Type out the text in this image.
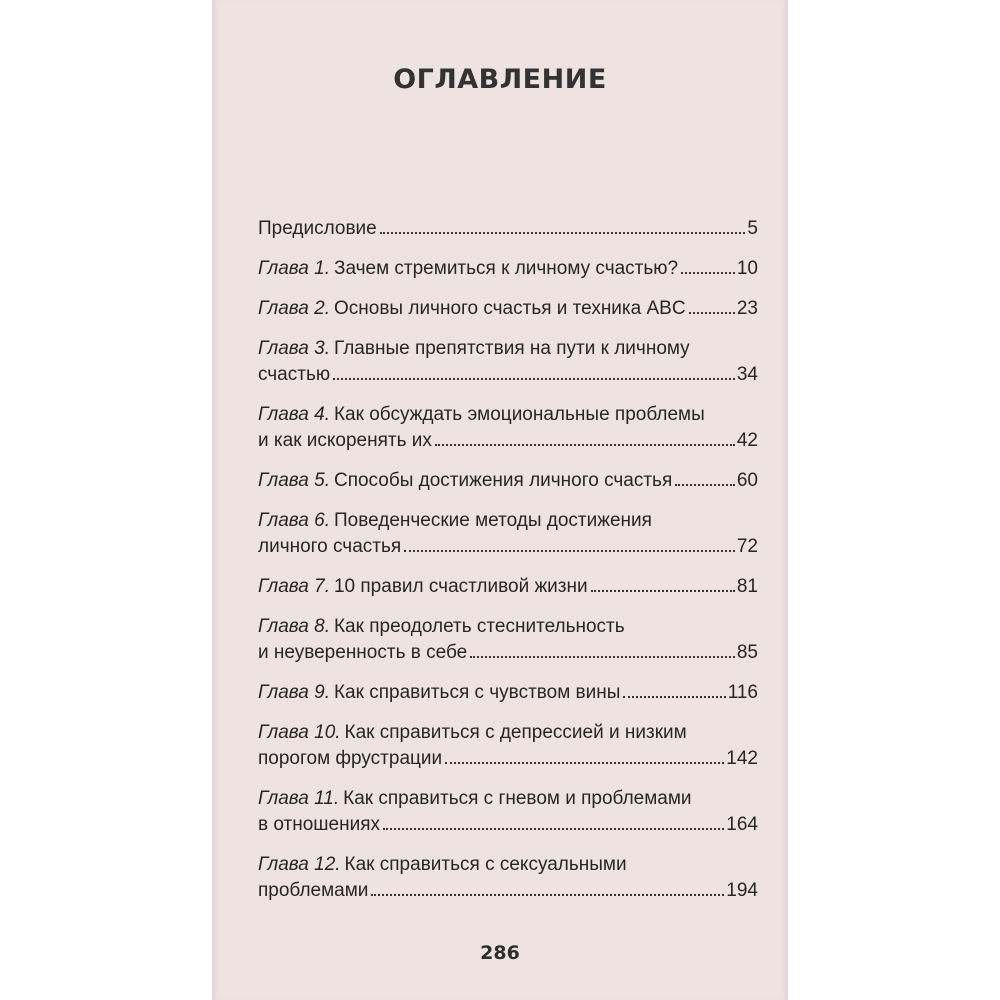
ОГЛАВЛЕНИЕ
Предисловие	5
Глава 1. Зачем стремиться к личному счастью?	10
Глава 2. Основы личного счастья и техника ABC	23
Глава 3. Главные препятствия на пути к личному
счастью	34
Глава 4. Как обсуждать эмоциональные проблемы
и как искоренять их	42
Глава 5. Способы достижения личного счастья	60
Глава 6. Поведенческие методы достижения
личного счастья	72
Глава 7. 10 правил счастливой жизни	81
Глава 8. Как преодолеть стеснительность
и неуверенность в себе	85
Глава 9. Как справиться с чувством вины	116
Глава 10. Как справиться с депрессией и низким
порогом фрустрации	142
Глава 11. Как справиться с гневом и проблемами
в отношениях	164
Глава 12. Как справиться с сексуальными
проблемами	194
286
